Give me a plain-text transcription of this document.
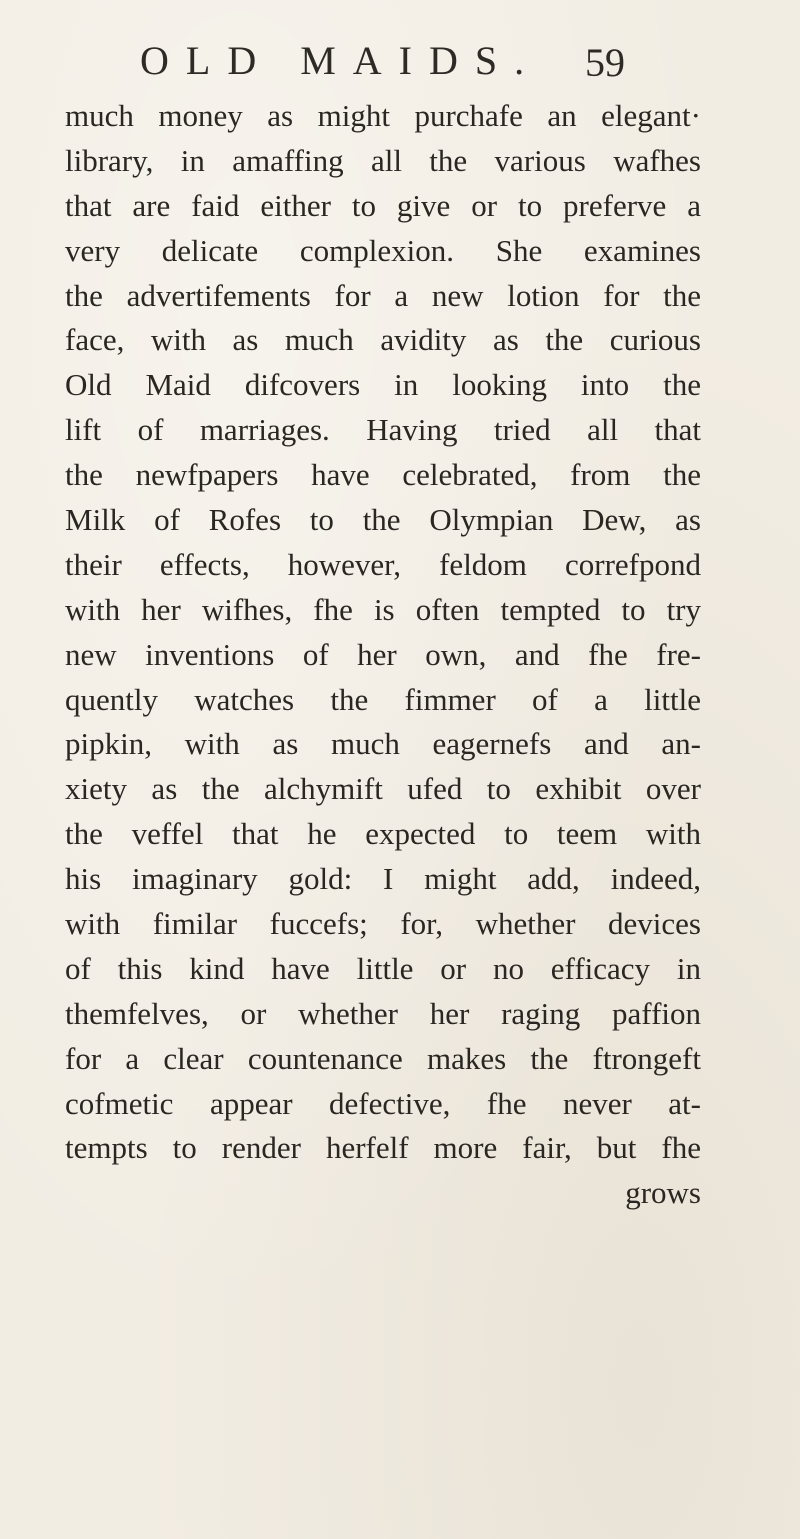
OLD MAIDS. 59
much money as might purchafe an elegant·
library, in amaffing all the various wafhes
that are faid either to give or to preferve a
very delicate complexion. She examines
the advertifements for a new lotion for the
face, with as much avidity as the curious
Old Maid difcovers in looking into the
lift of marriages. Having tried all that
the newfpapers have celebrated, from the
Milk of Rofes to the Olympian Dew, as
their effects, however, feldom correfpond
with her wifhes, fhe is often tempted to try
new inventions of her own, and fhe fre-
quently watches the fimmer of a little
pipkin, with as much eagernefs and an-
xiety as the alchymift ufed to exhibit over
the veffel that he expected to teem with
his imaginary gold: I might add, indeed,
with fimilar fuccefs; for, whether devices
of this kind have little or no efficacy in
themfelves, or whether her raging paffion
for a clear countenance makes the ftrongeft
cofmetic appear defective, fhe never at-
tempts to render herfelf more fair, but fhe
grows
